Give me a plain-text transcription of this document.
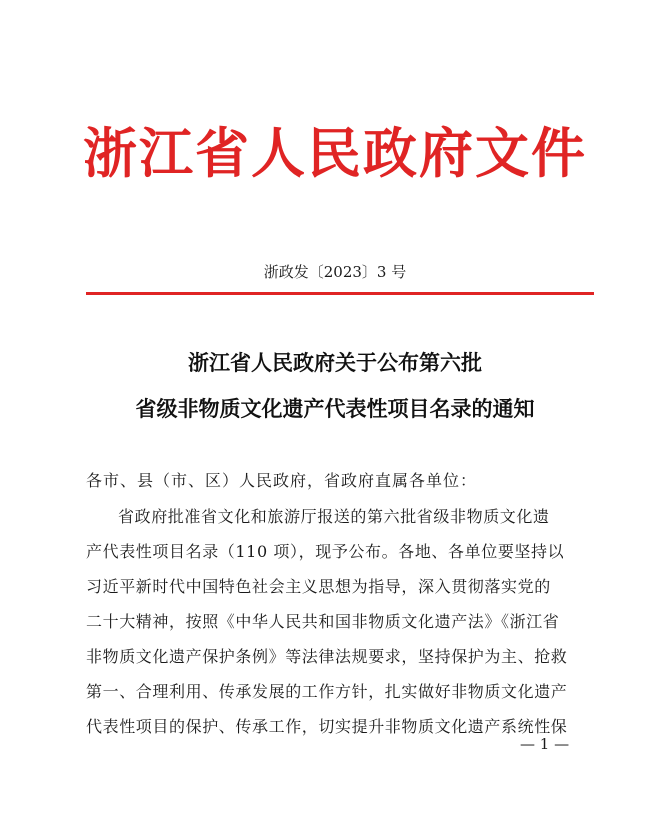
浙江省人民政府文件
浙政发〔2023〕3 号
浙江省人民政府关于公布第六批
省级非物质文化遗产代表性项目名录的通知
各市、县（市、区）人民政府，省政府直属各单位：
省政府批准省文化和旅游厅报送的第六批省级非物质文化遗
产代表性项目名录（110 项），现予公布。各地、各单位要坚持以
习近平新时代中国特色社会主义思想为指导，深入贯彻落实党的
二十大精神，按照《中华人民共和国非物质文化遗产法》《浙江省
非物质文化遗产保护条例》等法律法规要求，坚持保护为主、抢救
第一、合理利用、传承发展的工作方针，扎实做好非物质文化遗产
代表性项目的保护、传承工作，切实提升非物质文化遗产系统性保
— 1 —
